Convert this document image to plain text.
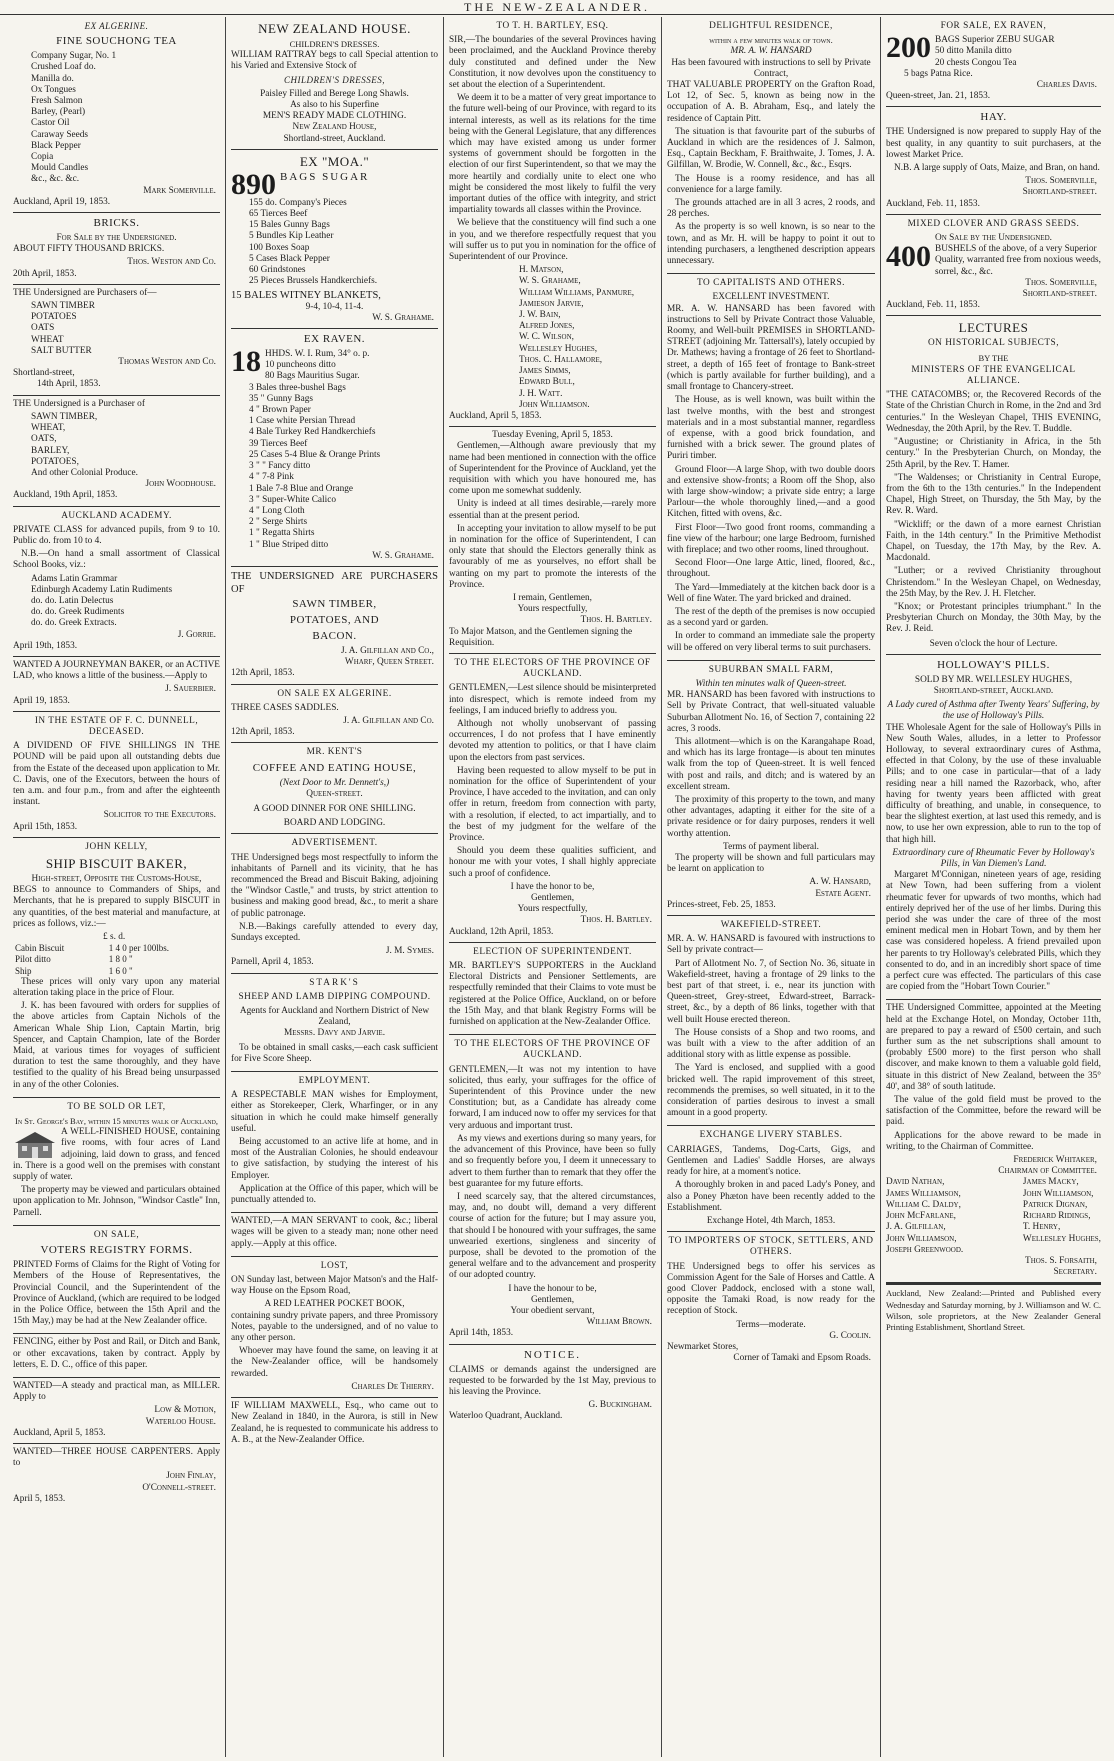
THE NEW-ZEALANDER.
EX ALGERINE.
FINE SOUCHONG TEA
Company Sugar, No. 1
Crushed Loaf do.
Manilla do.
Ox Tongues
Fresh Salmon
Barley, (Pearl)
Castor Oil
Caraway Seeds
Black Pepper
Copia
Mould Candles
&c., &c. &c.
Mark Somerville.
Auckland, April 19, 1853.
BRICKS.
For Sale by the Undersigned.
ABOUT FIFTY THOUSAND BRICKS.
Thos. Weston and Co.
20th April, 1853.
THE Undersigned are Purchasers of—
SAWN TIMBER
POTATOES
OATS
WHEAT
SALT BUTTER
Thomas Weston and Co.
Shortland-street,
14th April, 1853.
THE Undersigned is a Purchaser of
SAWN TIMBER,
WHEAT,
OATS,
BARLEY,
POTATOES,
And other Colonial Produce.
John Woodhouse.
Auckland, 19th April, 1853.
AUCKLAND ACADEMY.
PRIVATE CLASS for advanced pupils, from 9 to 10. Public do. from 10 to 4.
N.B.—On hand a small assortment of Classical School Books, viz.:
Adams Latin Grammar
Edinburgh Academy Latin Rudiments
do. do. Latin Delectus
do. do. Greek Rudiments
do. do. Greek Extracts.
J. Gorrie.
April 19th, 1853.
WANTED A JOURNEYMAN BAKER, or an ACTIVE LAD, who knows a little of the business.—Apply to
J. Sauerbier.
April 19, 1853.
IN THE ESTATE OF F. C. DUNNELL, DECEASED.
A DIVIDEND OF FIVE SHILLINGS IN THE POUND will be paid upon all outstanding debts due from the Estate of the deceased upon application to Mr. C. Davis, one of the Executors, between the hours of ten a.m. and four p.m., from and after the eighteenth instant.
Solicitor to the Executors.
April 15th, 1853.
JOHN KELLY,
SHIP BISCUIT BAKER,
High-street, Opposite the Customs-House,
BEGS to announce to Commanders of Ships, and Merchants, that he is prepared to supply BISCUIT in any quantities, of the best material and manufacture, at prices as follows, viz.:—
£ s. d.
Cabin Biscuit	1 4 0 per 100lbs.
Pilot ditto	1 8 0 "
Ship	1 6 0 "
These prices will only vary upon any material alteration taking place in the price of Flour.
J. K. has been favoured with orders for supplies of the above articles from Captain Nichols of the American Whale Ship Lion, Captain Martin, brig Spencer, and Captain Champion, late of the Border Maid, at various times for voyages of sufficient duration to test the same thoroughly, and they have testified to the quality of his Bread being unsurpassed in any of the other Colonies.
TO BE SOLD OR LET,
In St. George's Bay, within 15 minutes walk of Auckland,
A WELL-FINISHED HOUSE, containing five rooms, with four acres of Land adjoining, laid down to grass, and fenced in. There is a good well on the premises with constant supply of water.
The property may be viewed and particulars obtained upon application to Mr. Johnson, "Windsor Castle" Inn, Parnell.
ON SALE,
VOTERS REGISTRY FORMS.
PRINTED Forms of Claims for the Right of Voting for Members of the House of Representatives, the Provincial Council, and the Superintendent of the Province of Auckland, (which are required to be lodged in the Police Office, between the 15th April and the 15th May,) may be had at the New Zealander office.
FENCING, either by Post and Rail, or Ditch and Bank, or other excavations, taken by contract. Apply by letters, E. D. C., office of this paper.
WANTED—A steady and practical man, as MILLER. Apply to
Low & Motion,
Waterloo House.
Auckland, April 5, 1853.
WANTED—THREE HOUSE CARPENTERS. Apply to
John Finlay,
O'Connell-street.
April 5, 1853.
NEW ZEALAND HOUSE.
CHILDREN'S DRESSES.
WILLIAM RATTRAY begs to call Special attention to his Varied and Extensive Stock of
CHILDREN'S DRESSES,
Paisley Filled and Berege Long Shawls.
As also to his Superfine
MEN'S READY MADE CLOTHING.
New Zealand House,
Shortland-street, Auckland.
EX "MOA."
890 BAGS SUGAR
155 do. Company's Pieces
65 Tierces Beef
15 Bales Gunny Bags
5 Bundles Kip Leather
100 Boxes Soap
5 Cases Black Pepper
60 Grindstones
25 Pieces Brussels Handkerchiefs.
15 BALES WITNEY BLANKETS,
9-4, 10-4, 11-4.
W. S. Grahame.
EX RAVEN.
18 HHDS. W. I. Rum, 34° o. p.
10 puncheons ditto
80 Bags Mauritius Sugar.
3 Bales three-bushel Bags
35 " Gunny Bags
4 " Brown Paper
1 Case white Persian Thread
4 Bale Turkey Red Handkerchiefs
39 Tierces Beef
25 Cases 5-4 Blue & Orange Prints
3 " " Fancy ditto
4 " 7-8 Pink
1 Bale 7-8 Blue and Orange
3 " Super-White Calico
4 " Long Cloth
2 " Serge Shirts
1 " Regatta Shirts
1 " Blue Striped ditto
W. S. Grahame.
THE UNDERSIGNED ARE PURCHASERS OF
SAWN TIMBER,
POTATOES, AND
BACON.
J. A. Gilfillan and Co.,
Wharf, Queen Street.
12th April, 1853.
ON SALE EX ALGERINE.
THREE CASES SADDLES.
J. A. Gilfillan and Co.
12th April, 1853.
MR. KENT'S
COFFEE AND EATING HOUSE,
(Next Door to Mr. Dennett's,)
Queen-street.
A GOOD DINNER FOR ONE SHILLING.
BOARD AND LODGING.
ADVERTISEMENT.
THE Undersigned begs most respectfully to inform the inhabitants of Parnell and its vicinity, that he has recommenced the Bread and Biscuit Baking, adjoining the "Windsor Castle," and trusts, by strict attention to business and making good bread, &c., to merit a share of public patronage.
N.B.—Bakings carefully attended to every day, Sundays excepted.
J. M. Symes.
Parnell, April 4, 1853.
STARK'S
SHEEP AND LAMB DIPPING COMPOUND.
Agents for Auckland and Northern District of New Zealand,
Messrs. Davy and Jarvie.
To be obtained in small casks,—each cask sufficient for Five Score Sheep.
EMPLOYMENT.
A RESPECTABLE MAN wishes for Employment, either as Storekeeper, Clerk, Wharfinger, or in any situation in which he could make himself generally useful.
Being accustomed to an active life at home, and in most of the Australian Colonies, he should endeavour to give satisfaction, by studying the interest of his Employer.
Application at the Office of this paper, which will be punctually attended to.
WANTED,—A MAN SERVANT to cook, &c.; liberal wages will be given to a steady man; none other need apply.—Apply at this office.
LOST,
ON Sunday last, between Major Matson's and the Half-way House on the Epsom Road,
A RED LEATHER POCKET BOOK,
containing sundry private papers, and three Promissory Notes, payable to the undersigned, and of no value to any other person.
Whoever may have found the same, on leaving it at the New-Zealander office, will be handsomely rewarded.
Charles De Thierry.
IF WILLIAM MAXWELL, Esq., who came out to New Zealand in 1840, in the Aurora, is still in New Zealand, he is requested to communicate his address to A. B., at the New-Zealander Office.
TO T. H. BARTLEY, ESQ.
SIR,—The boundaries of the several Provinces having been proclaimed, and the Auckland Province thereby duly constituted and defined under the New Constitution, it now devolves upon the constituency to set about the election of a Superintendent.
We deem it to be a matter of very great importance to the future well-being of our Province, with regard to its internal interests, as well as its relations for the time being with the General Legislature, that any differences which may have existed among us under former systems of government should be forgotten in the election of our first Superintendent, so that we may the more heartily and cordially unite to elect one who might be considered the most likely to fulfil the very important duties of the office with integrity, and strict impartiality towards all classes within the Province.
We believe that the constituency will find such a one in you, and we therefore respectfully request that you will suffer us to put you in nomination for the office of Superintendent of our Province.
H. Matson,
W. S. Grahame,
William Williams, Panmure,
Jamieson Jarvie,
J. W. Bain,
Alfred Jones,
W. C. Wilson,
Wellesley Hughes,
Thos. C. Hallamore,
James Simms,
Edward Bull,
J. H. Watt.
John Williamson.
Auckland, April 5, 1853.
Tuesday Evening, April 5, 1853.
Gentlemen,—Although aware previously that my name had been mentioned in connection with the office of Superintendent for the Province of Auckland, yet the requisition with which you have honoured me, has come upon me somewhat suddenly.
Unity is indeed at all times desirable,—rarely more essential than at the present period.
In accepting your invitation to allow myself to be put in nomination for the office of Superintendent, I can only state that should the Electors generally think as favourably of me as yourselves, no effort shall be wanting on my part to promote the interests of the Province.
I remain, Gentlemen,
Yours respectfully,
Thos. H. Bartley.
To Major Matson, and the Gentlemen signing the Requisition.
TO THE ELECTORS OF THE PROVINCE OF AUCKLAND.
GENTLEMEN,—Lest silence should be misinterpreted into disrespect, which is remote indeed from my feelings, I am induced briefly to address you.
Although not wholly unobservant of passing occurrences, I do not profess that I have eminently devoted my attention to politics, or that I have claim upon the electors from past services.
Having been requested to allow myself to be put in nomination for the office of Superintendent of your Province, I have acceded to the invitation, and can only offer in return, freedom from connection with party, with a resolution, if elected, to act impartially, and to the best of my judgment for the welfare of the Province.
Should you deem these qualities sufficient, and honour me with your votes, I shall highly appreciate such a proof of confidence.
I have the honor to be,
Gentlemen,
Yours respectfully,
Thos. H. Bartley.
Auckland, 12th April, 1853.
ELECTION OF SUPERINTENDENT.
MR. BARTLEY'S SUPPORTERS in the Auckland Electoral Districts and Pensioner Settlements, are respectfully reminded that their Claims to vote must be registered at the Police Office, Auckland, on or before the 15th May, and that blank Registry Forms will be furnished on application at the New-Zealander Office.
TO THE ELECTORS OF THE PROVINCE OF AUCKLAND.
GENTLEMEN,—It was not my intention to have solicited, thus early, your suffrages for the office of Superintendent of this Province under the new Constitution; but, as a Candidate has already come forward, I am induced now to offer my services for that very arduous and important trust.
As my views and exertions during so many years, for the advancement of this Province, have been so fully and so frequently before you, I deem it unnecessary to advert to them further than to remark that they offer the best guarantee for my future efforts.
I need scarcely say, that the altered circumstances, may, and, no doubt will, demand a very different course of action for the future; but I may assure you, that should I be honoured with your suffrages, the same unwearied exertions, singleness and sincerity of purpose, shall be devoted to the promotion of the general welfare and to the advancement and prosperity of our adopted country.
I have the honour to be,
Gentlemen,
Your obedient servant,
William Brown.
April 14th, 1853.
NOTICE.
CLAIMS or demands against the undersigned are requested to be forwarded by the 1st May, previous to his leaving the Province.
G. Buckingham.
Waterloo Quadrant, Auckland.
DELIGHTFUL RESIDENCE,
within a few minutes walk of town.
MR. A. W. HANSARD
Has been favoured with instructions to sell by Private Contract,
THAT VALUABLE PROPERTY on the Grafton Road, Lot 12, of Sec. 5, known as being now in the occupation of A. B. Abraham, Esq., and lately the residence of Captain Pitt.
The situation is that favourite part of the suburbs of Auckland in which are the residences of J. Salmon, Esq., Captain Beckham, F. Braithwaite, J. Tomes, J. A. Gilfillan, W. Brodie, W. Connell, &c., &c., Esqrs.
The House is a roomy residence, and has all convenience for a large family.
The grounds attached are in all 3 acres, 2 roods, and 28 perches.
As the property is so well known, is so near to the town, and as Mr. H. will be happy to point it out to intending purchasers, a lengthened description appears unnecessary.
TO CAPITALISTS AND OTHERS.
EXCELLENT INVESTMENT.
MR. A. W. HANSARD has been favored with instructions to Sell by Private Contract those Valuable, Roomy, and Well-built PREMISES in SHORTLAND-STREET (adjoining Mr. Tattersall's), lately occupied by Dr. Mathews; having a frontage of 26 feet to Shortland-street, a depth of 165 feet of frontage to Bank-street (which is partly available for further building), and a small frontage to Chancery-street.
The House, as is well known, was built within the last twelve months, with the best and strongest materials and in a most substantial manner, regardless of expense, with a good brick foundation, and furnished with a brick sewer. The ground plates of Puriri timber.
Ground Floor—A large Shop, with two double doors and extensive show-fronts; a Room off the Shop, also with large show-window; a private side entry; a large Parlour—the whole thoroughly lined,—and a good Kitchen, fitted with ovens, &c.
First Floor—Two good front rooms, commanding a fine view of the harbour; one large Bedroom, furnished with fireplace; and two other rooms, lined throughout.
Second Floor—One large Attic, lined, floored, &c., throughout.
The Yard—Immediately at the kitchen back door is a Well of fine Water. The yard bricked and drained.
The rest of the depth of the premises is now occupied as a second yard or garden.
In order to command an immediate sale the property will be offered on very liberal terms to suit purchasers.
SUBURBAN SMALL FARM,
Within ten minutes walk of Queen-street.
MR. HANSARD has been favored with instructions to Sell by Private Contract, that well-situated valuable Suburban Allotment No. 16, of Section 7, containing 22 acres, 3 roods.
This allotment—which is on the Karangahape Road, and which has its large frontage—is about ten minutes walk from the top of Queen-street. It is well fenced with post and rails, and ditch; and is watered by an excellent stream.
The proximity of this property to the town, and many other advantages, adapting it either for the site of a private residence or for dairy purposes, renders it well worthy attention.
Terms of payment liberal.
The property will be shown and full particulars may be learnt on application to
A. W. Hansard,
Estate Agent.
Princes-street, Feb. 25, 1853.
WAKEFIELD-STREET.
MR. A. W. HANSARD is favoured with instructions to Sell by private contract—
Part of Allotment No. 7, of Section No. 36, situate in Wakefield-street, having a frontage of 29 links to the best part of that street, i. e., near its junction with Queen-street, Grey-street, Edward-street, Barrack-street, &c., by a depth of 86 links, together with that well built House erected thereon.
The House consists of a Shop and two rooms, and was built with a view to the after addition of an additional story with as little expense as possible.
The Yard is enclosed, and supplied with a good bricked well. The rapid improvement of this street, recommends the premises, so well situated, in it to the consideration of parties desirous to invest a small amount in a good property.
EXCHANGE LIVERY STABLES.
CARRIAGES, Tandems, Dog-Carts, Gigs, and Gentlemen and Ladies' Saddle Horses, are always ready for hire, at a moment's notice.
A thoroughly broken in and paced Lady's Poney, and also a Poney Phæton have been recently added to the Establishment.
Exchange Hotel, 4th March, 1853.
TO IMPORTERS OF STOCK, SETTLERS, AND OTHERS.
THE Undersigned begs to offer his services as Commission Agent for the Sale of Horses and Cattle. A good Clover Paddock, enclosed with a stone wall, opposite the Tamaki Road, is now ready for the reception of Stock.
Terms—moderate.
G. Coolin.
Newmarket Stores,
Corner of Tamaki and Epsom Roads.
FOR SALE, EX RAVEN,
200 BAGS Superior ZEBU SUGAR
50 ditto Manila ditto
20 chests Congou Tea
5 bags Patna Rice.
Charles Davis.
Queen-street, Jan. 21, 1853.
HAY.
THE Undersigned is now prepared to supply Hay of the best quality, in any quantity to suit purchasers, at the lowest Market Price.
N.B. A large supply of Oats, Maize, and Bran, on hand.
Thos. Somerville,
Shortland-street.
Auckland, Feb. 11, 1853.
MIXED CLOVER AND GRASS SEEDS.
On Sale by the Undersigned.
400 BUSHELS of the above, of a very Superior Quality, warranted free from noxious weeds, sorrel, &c., &c.
Thos. Somerville,
Shortland-street.
Auckland, Feb. 11, 1853.
LECTURES
ON HISTORICAL SUBJECTS,
BY THE
MINISTERS OF THE EVANGELICAL ALLIANCE.
"THE CATACOMBS; or, the Recovered Records of the State of the Christian Church in Rome, in the 2nd and 3rd centuries." In the Wesleyan Chapel, THIS EVENING, Wednesday, the 20th April, by the Rev. T. Buddle.
"Augustine; or Christianity in Africa, in the 5th century." In the Presbyterian Church, on Monday, the 25th April, by the Rev. T. Hamer.
"The Waldenses; or Christianity in Central Europe, from the 6th to the 13th centuries." In the Independent Chapel, High Street, on Thursday, the 5th May, by the Rev. R. Ward.
"Wickliff; or the dawn of a more earnest Christian Faith, in the 14th century." In the Primitive Methodist Chapel, on Tuesday, the 17th May, by the Rev. A. Macdonald.
"Luther; or a revived Christianity throughout Christendom." In the Wesleyan Chapel, on Wednesday, the 25th May, by the Rev. J. H. Fletcher.
"Knox; or Protestant principles triumphant." In the Presbyterian Church on Monday, the 30th May, by the Rev. J. Reid.
Seven o'clock the hour of Lecture.
HOLLOWAY'S PILLS.
SOLD BY MR. WELLESLEY HUGHES,
Shortland-street, Auckland.
A Lady cured of Asthma after Twenty Years' Suffering, by the use of Holloway's Pills.
THE Wholesale Agent for the sale of Holloway's Pills in New South Wales, alludes, in a letter to Professor Holloway, to several extraordinary cures of Asthma, effected in that Colony, by the use of these invaluable Pills; and to one case in particular—that of a lady residing near a hill named the Razorback, who, after having for twenty years been afflicted with great difficulty of breathing, and unable, in consequence, to bear the slightest exertion, at last used this remedy, and is now, to use her own expression, able to run to the top of that high hill.
Extraordinary cure of Rheumatic Fever by Holloway's Pills, in Van Diemen's Land.
Margaret M'Connigan, nineteen years of age, residing at New Town, had been suffering from a violent rheumatic fever for upwards of two months, which had entirely deprived her of the use of her limbs. During this period she was under the care of three of the most eminent medical men in Hobart Town, and by them her case was considered hopeless. A friend prevailed upon her parents to try Holloway's celebrated Pills, which they consented to do, and in an incredibly short space of time a perfect cure was effected. The particulars of this case are copied from the "Hobart Town Courier."
THE Undersigned Committee, appointed at the Meeting held at the Exchange Hotel, on Monday, October 11th, are prepared to pay a reward of £500 certain, and such further sum as the net subscriptions shall amount to (probably £500 more) to the first person who shall discover, and make known to them a valuable gold field, situate in this district of New Zealand, between the 35° 40', and 38° of south latitude.
The value of the gold field must be proved to the satisfaction of the Committee, before the reward will be paid.
Applications for the above reward to be made in writing, to the Chairman of Committee.
Frederick Whitaker,
Chairman of Committee.
David Nathan,
James Williamson,
William C. Daldy,
John McFarlane,
J. A. Gilfillan,
John Williamson,
Joseph Greenwood.
James Macky,
John Williamson,
Patrick Dignan,
Richard Ridings,
T. Henry,
Wellesley Hughes,
Thos. S. Forsaith,
Secretary.
Auckland, New Zealand:—Printed and Published every Wednesday and Saturday morning, by J. Williamson and W. C. Wilson, sole proprietors, at the New Zealander General Printing Establishment, Shortland Street.
